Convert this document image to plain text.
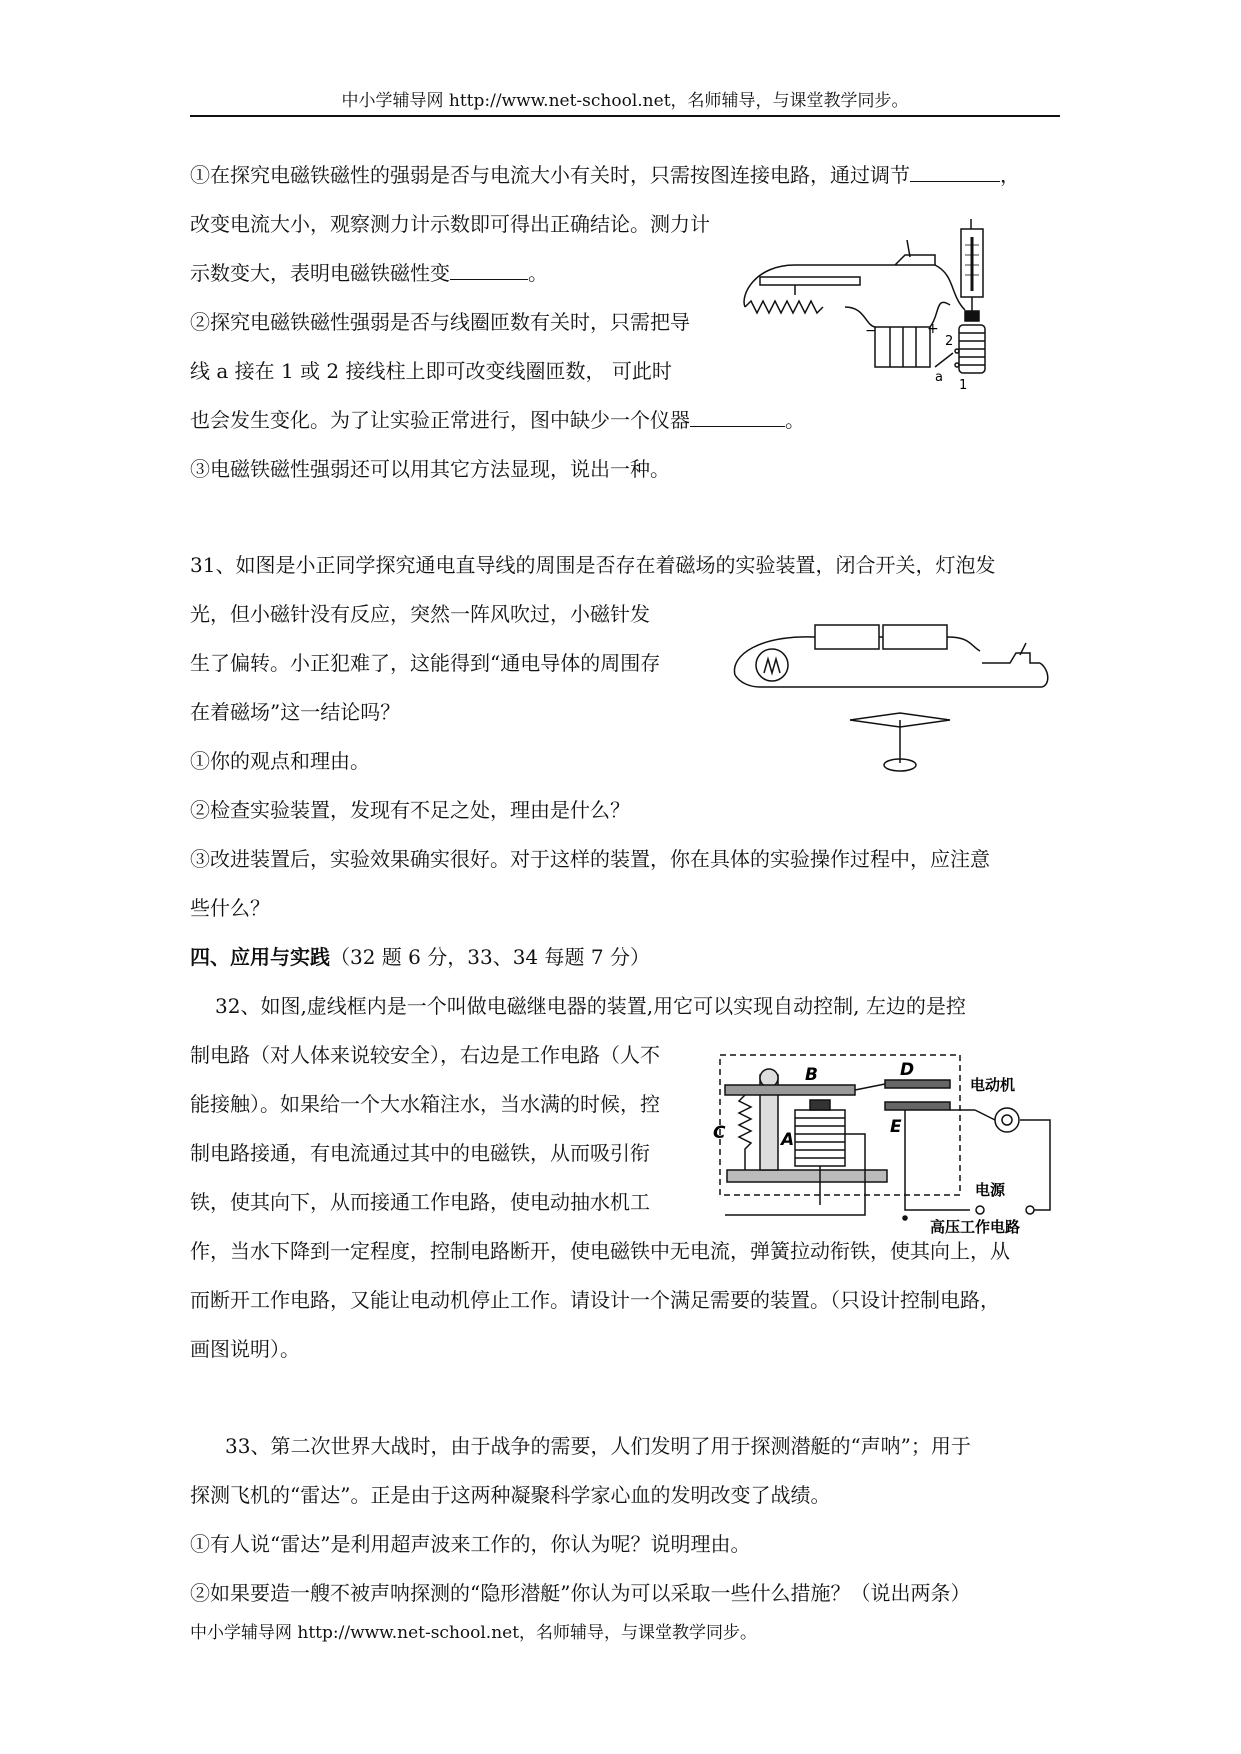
中小学辅导网 http://www.net-school.net，名师辅导，与课堂教学同步。
①在探究电磁铁磁性的强弱是否与电流大小有关时，只需按图连接电路，通过调节	，
改变电流大小，观察测力计示数即可得出正确结论。测力计
示数变大，表明电磁铁磁性变	。
②探究电磁铁磁性强弱是否与线圈匝数有关时，只需把导
线 a 接在 1 或 2 接线柱上即可改变线圈匝数， 可此时
也会发生变化。为了让实验正常进行，图中缺少一个仪器	。
③电磁铁磁性强弱还可以用其它方法显现，说出一种。
−	+
a
2
1
31、如图是小正同学探究通电直导线的周围是否存在着磁场的实验装置，闭合开关，灯泡发
光，但小磁针没有反应，突然一阵风吹过，小磁针发
生了偏转。小正犯难了，这能得到“通电导体的周围存
在着磁场”这一结论吗？
①你的观点和理由。
②检查实验装置，发现有不足之处，理由是什么？
③改进装置后，实验效果确实很好。对于这样的装置，你在具体的实验操作过程中，应注意
些什么？
四、应用与实践（32 题 6 分，33、34 每题 7 分）
32、如图,虚线框内是一个叫做电磁继电器的装置,用它可以实现自动控制, 左边的是控
制电路（对人体来说较安全），右边是工作电路（人不
能接触）。如果给一个大水箱注水，当水满的时候，控
制电路接通，有电流通过其中的电磁铁，从而吸引衔
铁，使其向下，从而接通工作电路，使电动抽水机工
作，当水下降到一定程度，控制电路断开，使电磁铁中无电流，弹簧拉动衔铁，使其向上，从
而断开工作电路，又能让电动机停止工作。请设计一个满足需要的装置。（只设计控制电路，
画图说明）。
C	A
B	D
E
电动机
电源
高压工作电路
33、第二次世界大战时，由于战争的需要，人们发明了用于探测潜艇的“声呐”；用于
探测飞机的“雷达”。正是由于这两种凝聚科学家心血的发明改变了战绩。
①有人说“雷达”是利用超声波来工作的，你认为呢？说明理由。
②如果要造一艘不被声呐探测的“隐形潜艇”你认为可以采取一些什么措施？（说出两条）
中小学辅导网 http://www.net-school.net，名师辅导，与课堂教学同步。
